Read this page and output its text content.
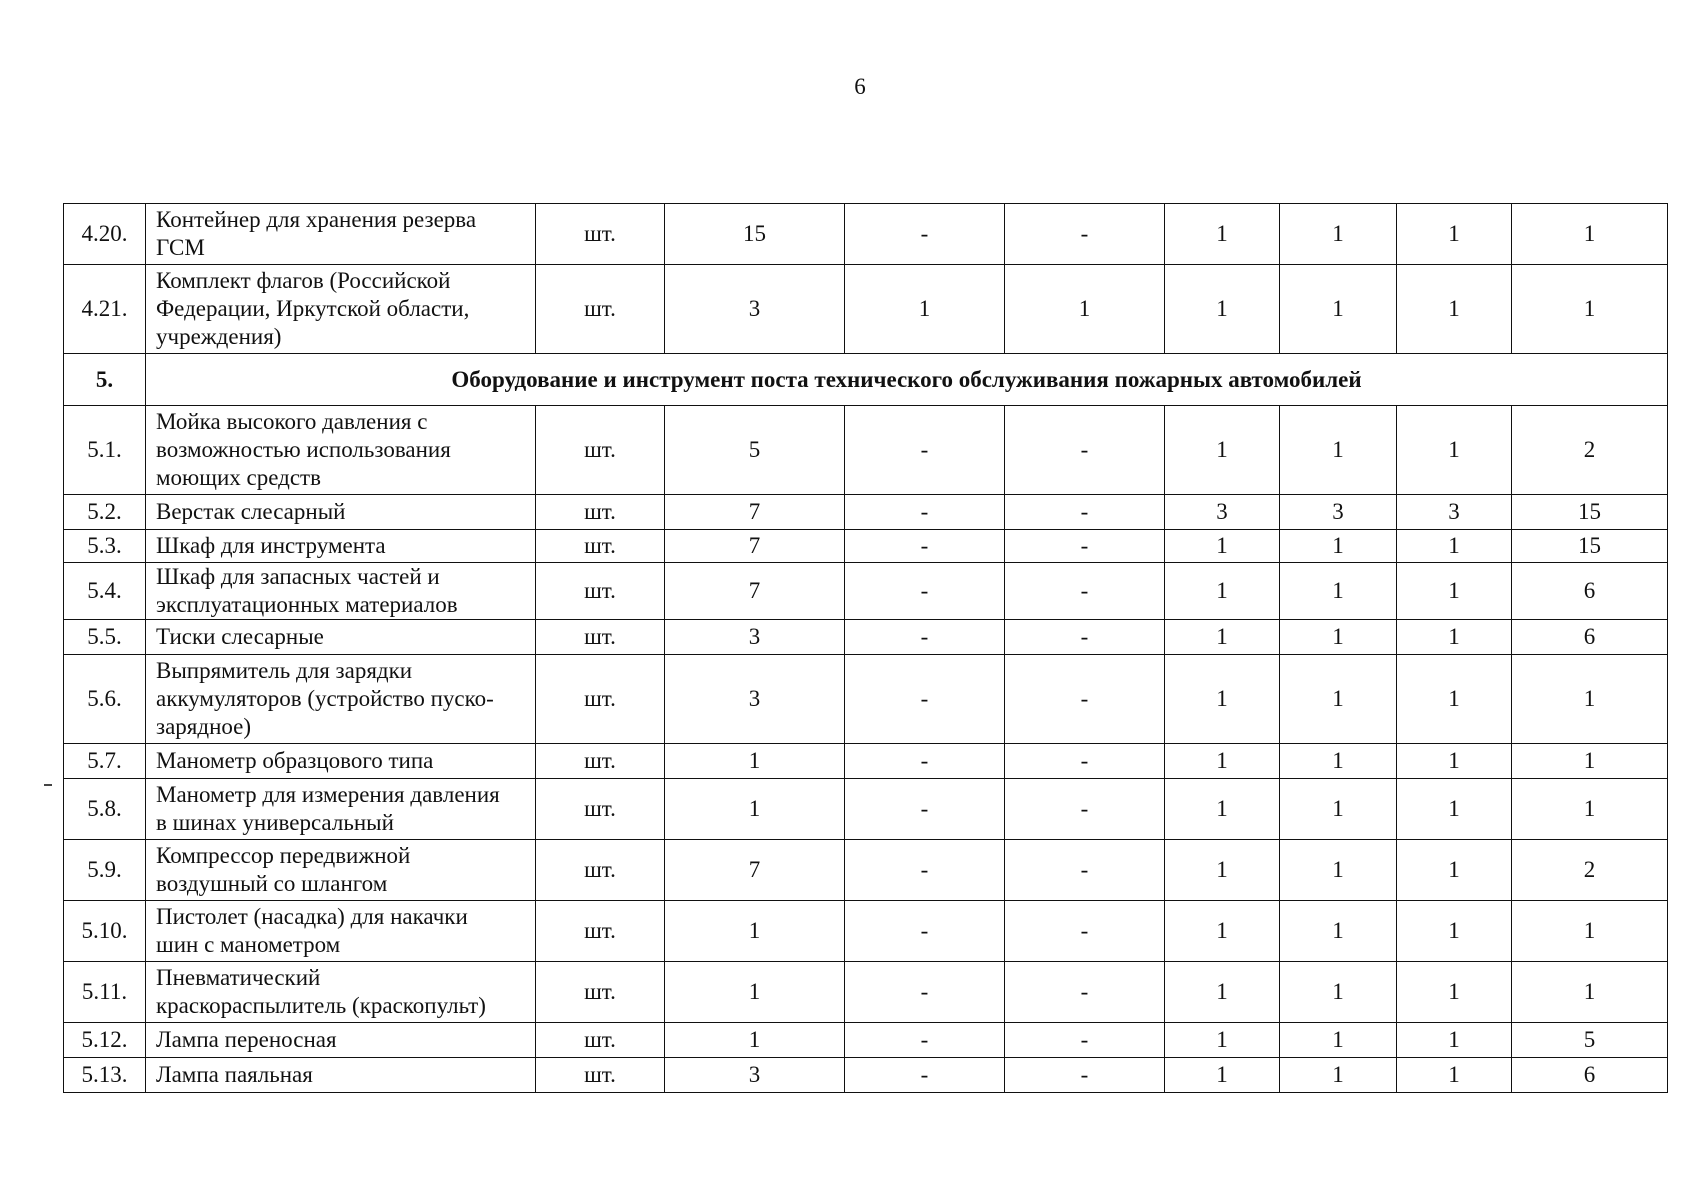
6
4.20.	Контейнер для хранения резерва
ГСМ	шт.	15	-	-	1	1	1	1
4.21.	Комплект флагов (Российской
Федерации, Иркутской области,
учреждения)	шт.	3	1	1	1	1	1	1
5.	Оборудование и инструмент поста технического обслуживания пожарных автомобилей								
5.1.	Мойка высокого давления с
возможностью использования
моющих средств	шт.	5	-	-	1	1	1	2
5.2.	Верстак слесарный	шт.	7	-	-	3	3	3	15
5.3.	Шкаф для инструмента	шт.	7	-	-	1	1	1	15
5.4.	Шкаф для запасных частей и
эксплуатационных материалов	шт.	7	-	-	1	1	1	6
5.5.	Тиски слесарные	шт.	3	-	-	1	1	1	6
5.6.	Выпрямитель для зарядки
аккумуляторов (устройство пуско-
зарядное)	шт.	3	-	-	1	1	1	1
5.7.	Манометр образцового типа	шт.	1	-	-	1	1	1	1
5.8.	Манометр для измерения давления
в шинах универсальный	шт.	1	-	-	1	1	1	1
5.9.	Компрессор передвижной
воздушный со шлангом	шт.	7	-	-	1	1	1	2
5.10.	Пистолет (насадка) для накачки
шин с манометром	шт.	1	-	-	1	1	1	1
5.11.	Пневматический
краскораспылитель (краскопульт)	шт.	1	-	-	1	1	1	1
5.12.	Лампа переносная	шт.	1	-	-	1	1	1	5
5.13.	Лампа паяльная	шт.	3	-	-	1	1	1	6
